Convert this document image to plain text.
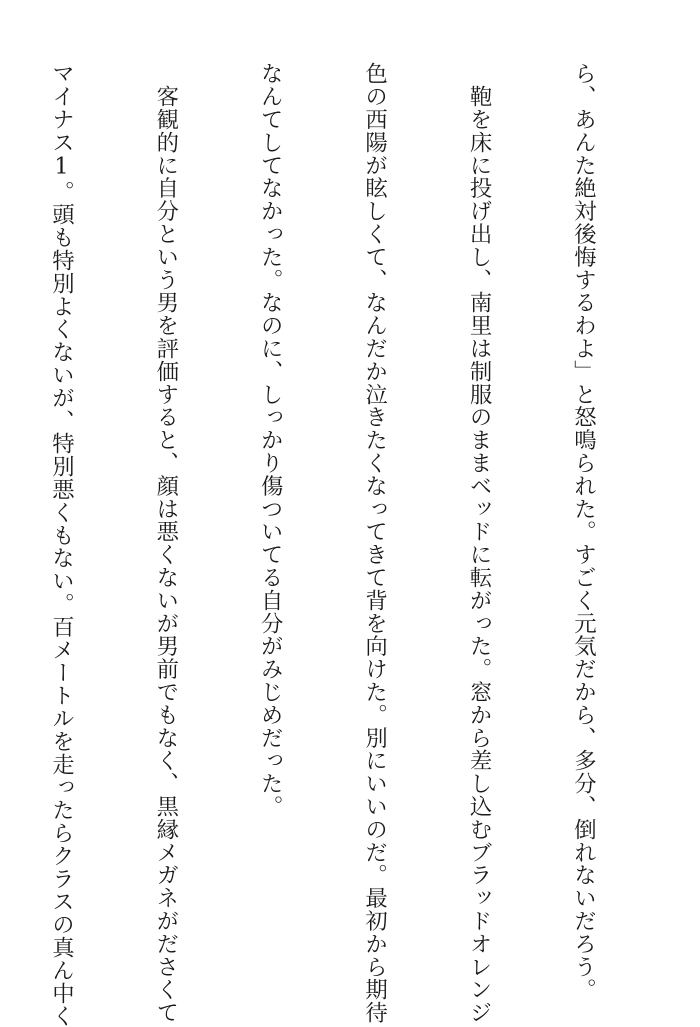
ら、あんた絶対後悔するわよ」と怒鳴られた。すごく元気だから、多分、倒れないだろう。

　鞄を床に投げ出し、南里は制服のままベッドに転がった。窓から差し込むブラッドオレンジ

色の西陽が眩しくて、なんだか泣きたくなってきて背を向けた。別にいいのだ。最初から期待

なんてしてなかった。なのに、しっかり傷ついてる自分がみじめだった。

　客観的に自分という男を評価すると、顔は悪くないが男前でもなく、黒縁メガネがださくて

マイナス1。頭も特別よくないが、特別悪くもない。百メートルを走ったらクラスの真ん中く
